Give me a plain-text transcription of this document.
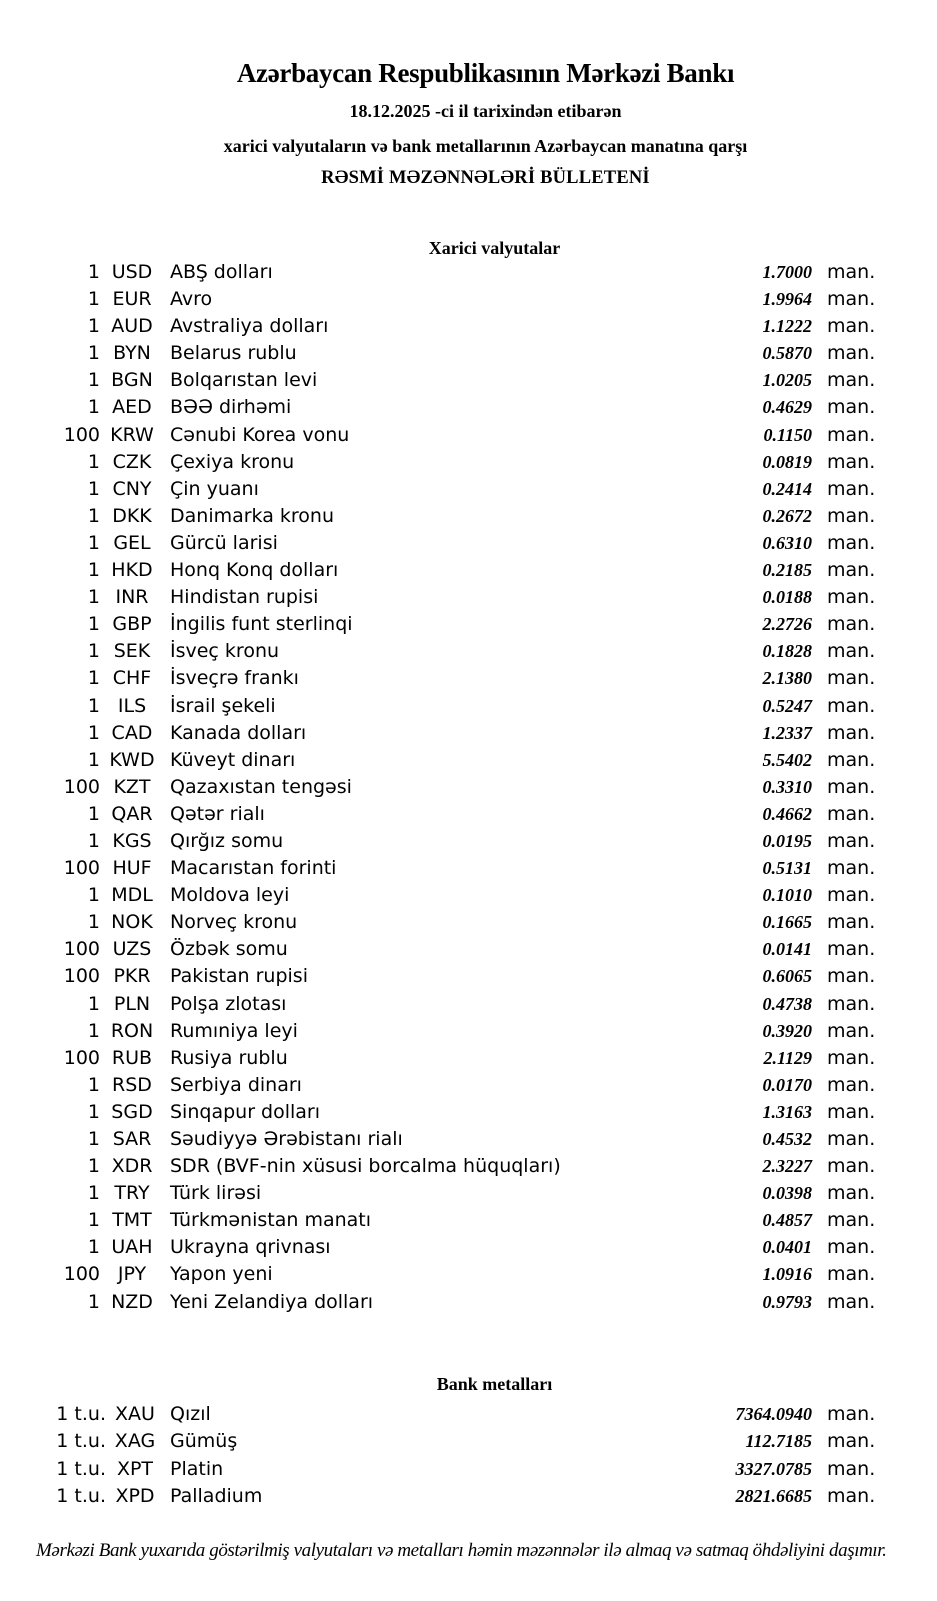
Azərbaycan Respublikasının Mərkəzi Bankı
18.12.2025 -ci il tarixindən etibarən
xarici valyutaların və bank metallarının Azərbaycan manatına qarşı
RƏSMİ MƏZƏNNƏLƏRİ BÜLLETENİ
Xarici valyutalar
1 USD ABŞ dolları	1.7000 man.
1 EUR Avro	1.9964 man.
1 AUD Avstraliya dolları	1.1222 man.
1 BYN	Belarus rublu	0.5870 man.
1 BGN Bolqarıstan levi	1.0205 man.
1 AED BƏƏ dirhəmi	0.4629 man.
100 KRW Cənubi Korea vonu	0.1150 man.
1 CZK Çexiya kronu	0.0819 man.
1 CNY Çin yuanı	0.2414 man.
1 DKK Danimarka kronu	0.2672 man.
1 GEL	Gürcü larisi	0.6310 man.
1 HKD Honq Konq dolları	0.2185 man.
1 INR	Hindistan rupisi	0.0188 man.
1 GBP İngilis funt sterlinqi	2.2726 man.
1 SEK	İsveç kronu	0.1828 man.
1 CHF İsveçrə frankı	2.1380 man.
1 ILS	İsrail şekeli	0.5247 man.
1 CAD Kanada dolları	1.2337 man.
1 KWD Küveyt dinarı	5.5402 man.
100 KZT	Qazaxıstan tengəsi	0.3310 man.
1 QAR Qətər rialı	0.4662 man.
1 KGS Qırğız somu	0.0195 man.
100 HUF Macarıstan forinti	0.5131 man.
1 MDL Moldova leyi	0.1010 man.
1 NOK Norveç kronu	0.1665 man.
100 UZS Özbək somu	0.0141 man.
100 PKR	Pakistan rupisi	0.6065 man.
1 PLN	Polşa zlotası	0.4738 man.
1 RON Rumıniya leyi	0.3920 man.
100 RUB Rusiya rublu	2.1129 man.
1 RSD Serbiya dinarı	0.0170 man.
1 SGD Sinqapur dolları	1.3163 man.
1 SAR Səudiyyə Ərəbistanı rialı	0.4532 man.
1 XDR SDR (BVF-nin xüsusi borcalma hüquqları)	2.3227 man.
1 TRY	Türk lirəsi	0.0398 man.
1 TMT Türkmənistan manatı	0.4857 man.
1 UAH Ukrayna qrivnası	0.0401 man.
100 JPY	Yapon yeni	1.0916 man.
1 NZD Yeni Zelandiya dolları	0.9793 man.
Bank metalları
1 t.u. XAU Qızıl	7364.0940 man.
1 t.u. XAG Gümüş	112.7185 man.
1 t.u. XPT Platin	3327.0785 man.
1 t.u. XPD Palladium	2821.6685 man.
Mərkəzi Bank yuxarıda göstərilmiş valyutaları və metalları həmin məzənnələr ilə almaq və satmaq öhdəliyini daşımır.
